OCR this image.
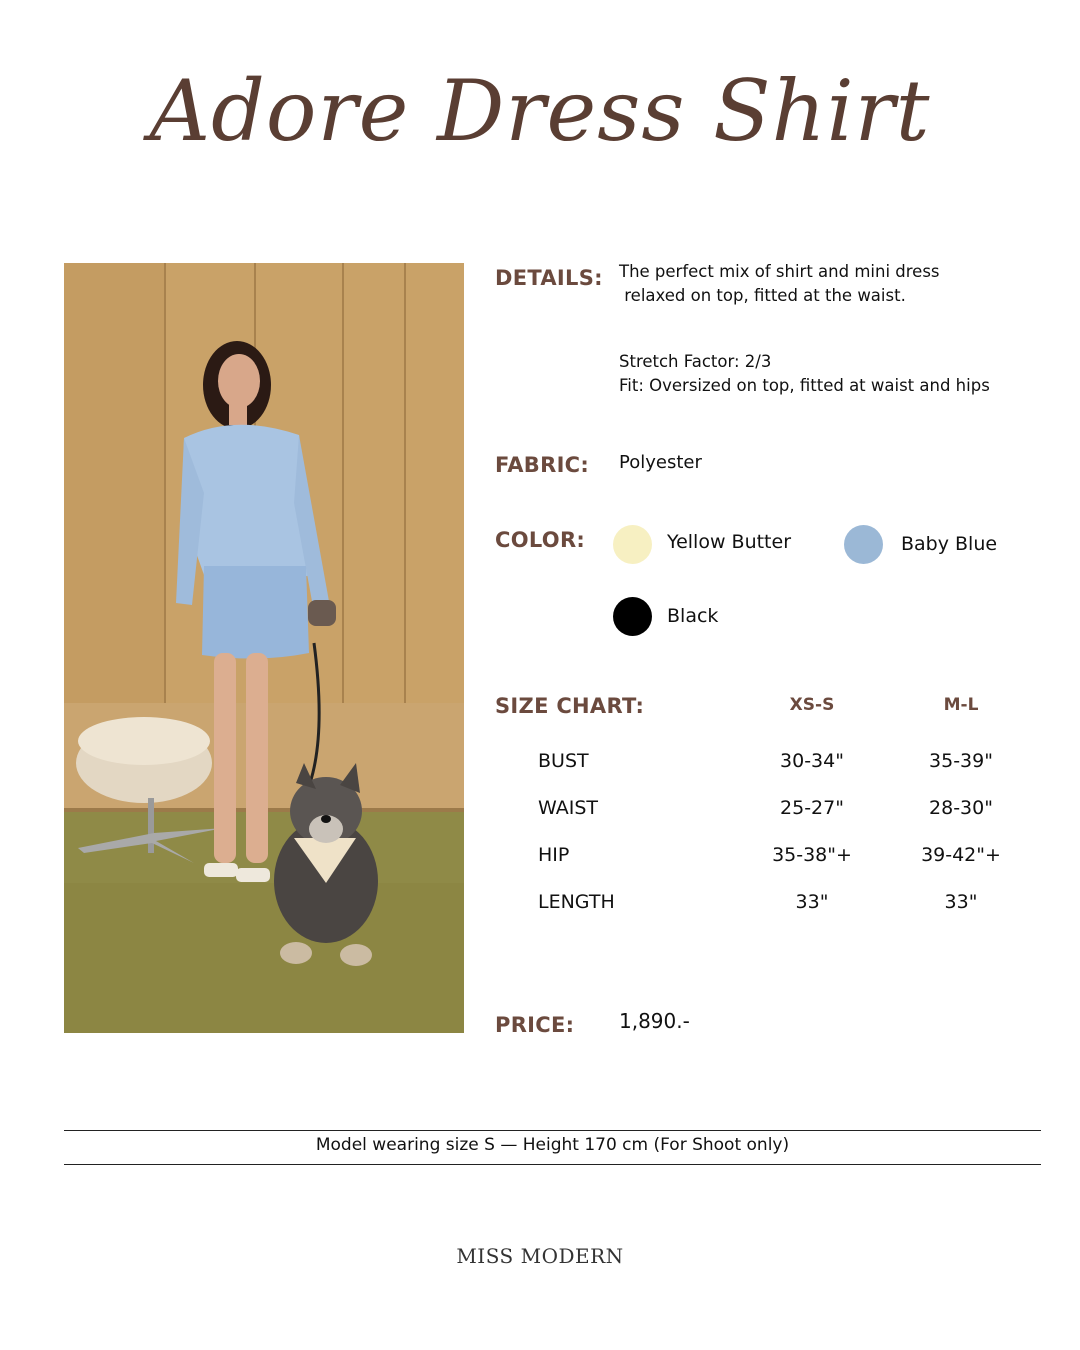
Adore Dress Shirt
DETAILS: The perfect mix of shirt and mini dress
relaxed on top, fitted at the waist.
Stretch Factor: 2/3
Fit: Oversized on top, fitted at waist and hips
FABRIC: Polyester
COLOR:	Yellow Butter	Baby Blue
Black
SIZE CHART:	XS-S	M-L
BUST	30-34"	35-39"
WAIST	25-27"	28-30"
HIP	35-38"+	39-42"+
LENGTH	33"	33"
PRICE: 1,890.-
Model wearing size S — Height 170 cm (For Shoot only)
MISS MODERN
